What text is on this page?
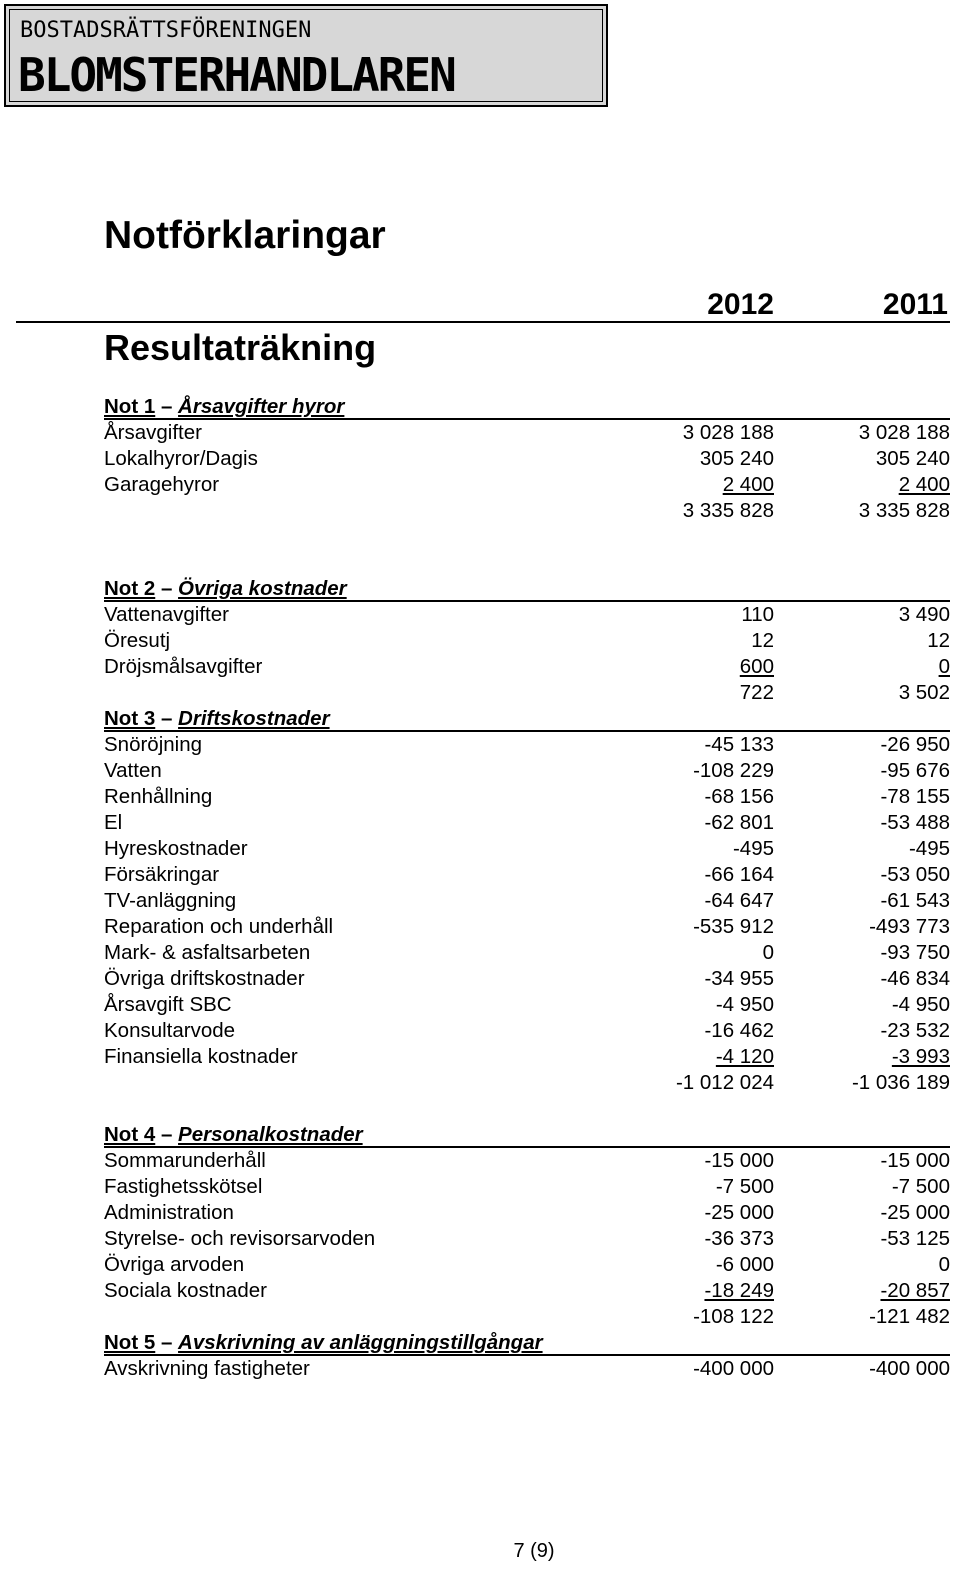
BOSTADSRÄTTSFÖRENINGEN
BLOMSTERHANDLAREN
Notförklaringar
2012	2011
Resultaträkning
Not 1 – Årsavgifter hyror
Årsavgifter	3 028 188	3 028 188
Lokalhyror/Dagis	305 240	305 240
Garagehyror	2 400	2 400
3 335 828	3 335 828
Not 2 – Övriga kostnader
Vattenavgifter	110	3 490
Öresutj	12	12
Dröjsmålsavgifter	600	0
722	3 502
Not 3 – Driftskostnader
Snöröjning	-45 133	-26 950
Vatten	-108 229	-95 676
Renhållning	-68 156	-78 155
El	-62 801	-53 488
Hyreskostnader	-495	-495
Försäkringar	-66 164	-53 050
TV-anläggning	-64 647	-61 543
Reparation och underhåll	-535 912	-493 773
Mark- & asfaltsarbeten	0	-93 750
Övriga driftskostnader	-34 955	-46 834
Årsavgift SBC	-4 950	-4 950
Konsultarvode	-16 462	-23 532
Finansiella kostnader	-4 120	-3 993
-1 012 024	-1 036 189
Not 4 – Personalkostnader
Sommarunderhåll	-15 000	-15 000
Fastighetsskötsel	-7 500	-7 500
Administration	-25 000	-25 000
Styrelse- och revisorsarvoden	-36 373	-53 125
Övriga arvoden	-6 000	0
Sociala kostnader	-18 249	-20 857
-108 122	-121 482
Not 5 – Avskrivning av anläggningstillgångar
Avskrivning fastigheter	-400 000	-400 000
7 (9)
